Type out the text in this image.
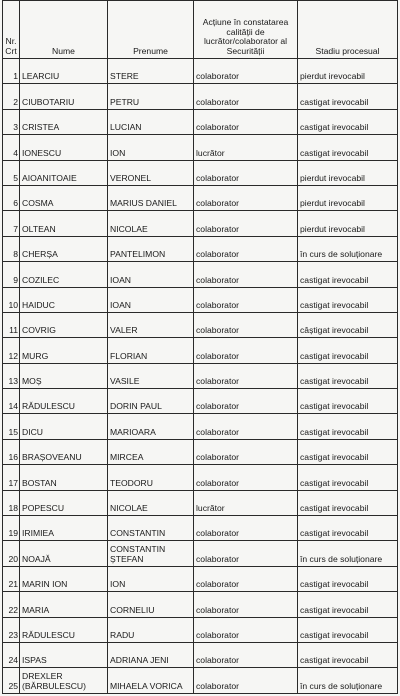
Nr. Crt	Nume	Prenume	Acțiune în constatarea calității de lucrător/colaborator al Securității	Stadiu procesual
1	LEARCIU	STERE	colaborator	pierdut irevocabil
2	CIUBOTARIU	PETRU	colaborator	castigat irevocabil
3	CRISTEA	LUCIAN	colaborator	castigat irevocabil
4	IONESCU	ION	lucrător	castigat irevocabil
5	AIOANITOAIE	VERONEL	colaborator	pierdut irevocabil
6	COSMA	MARIUS DANIEL	colaborator	pierdut irevocabil
7	OLTEAN	NICOLAE	colaborator	pierdut irevocabil
8	CHERȘA	PANTELIMON	colaborator	în curs de soluționare
9	COZILEC	IOAN	colaborator	castigat irevocabil
10	HAIDUC	IOAN	colaborator	castigat irevocabil
11	COVRIG	VALER	colaborator	câștigat irevocabil
12	MURG	FLORIAN	colaborator	castigat irevocabil
13	MOȘ	VASILE	colaborator	castigat irevocabil
14	RĂDULESCU	DORIN PAUL	colaborator	castigat irevocabil
15	DICU	MARIOARA	colaborator	castigat irevocabil
16	BRAȘOVEANU	MIRCEA	colaborator	castigat irevocabil
17	BOSTAN	TEODORU	colaborator	castigat irevocabil
18	POPESCU	NICOLAE	lucrător	castigat irevocabil
19	IRIMIEA	CONSTANTIN	colaborator	castigat irevocabil
20	NOAJĂ	CONSTANTIN ȘTEFAN	colaborator	în curs de soluționare
21	MARIN ION	ION	colaborator	castigat irevocabil
22	MARIA	CORNELIU	colaborator	castigat irevocabil
23	RĂDULESCU	RADU	colaborator	castigat irevocabil
24	ISPAS	ADRIANA JENI	colaborator	castigat irevocabil
25	DREXLER (BĂRBULESCU)	MIHAELA VORICA	colaborator	în curs de soluționare
